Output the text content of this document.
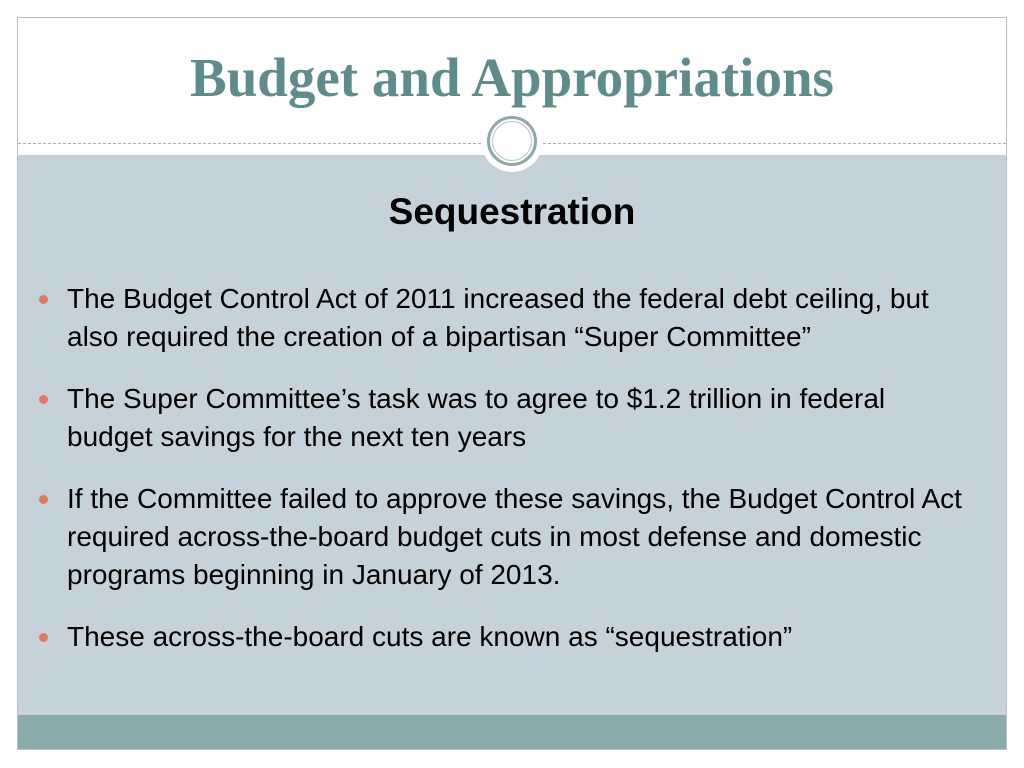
Budget and Appropriations
Sequestration
The Budget Control Act of 2011 increased the federal debt ceiling, but
also required the creation of a bipartisan “Super Committee”
The Super Committee’s task was to agree to $1.2 trillion in federal
budget savings for the next ten years
If the Committee failed to approve these savings, the Budget Control Act
required across-the-board budget cuts in most defense and domestic
programs beginning in January of 2013.
These across-the-board cuts are known as “sequestration”
